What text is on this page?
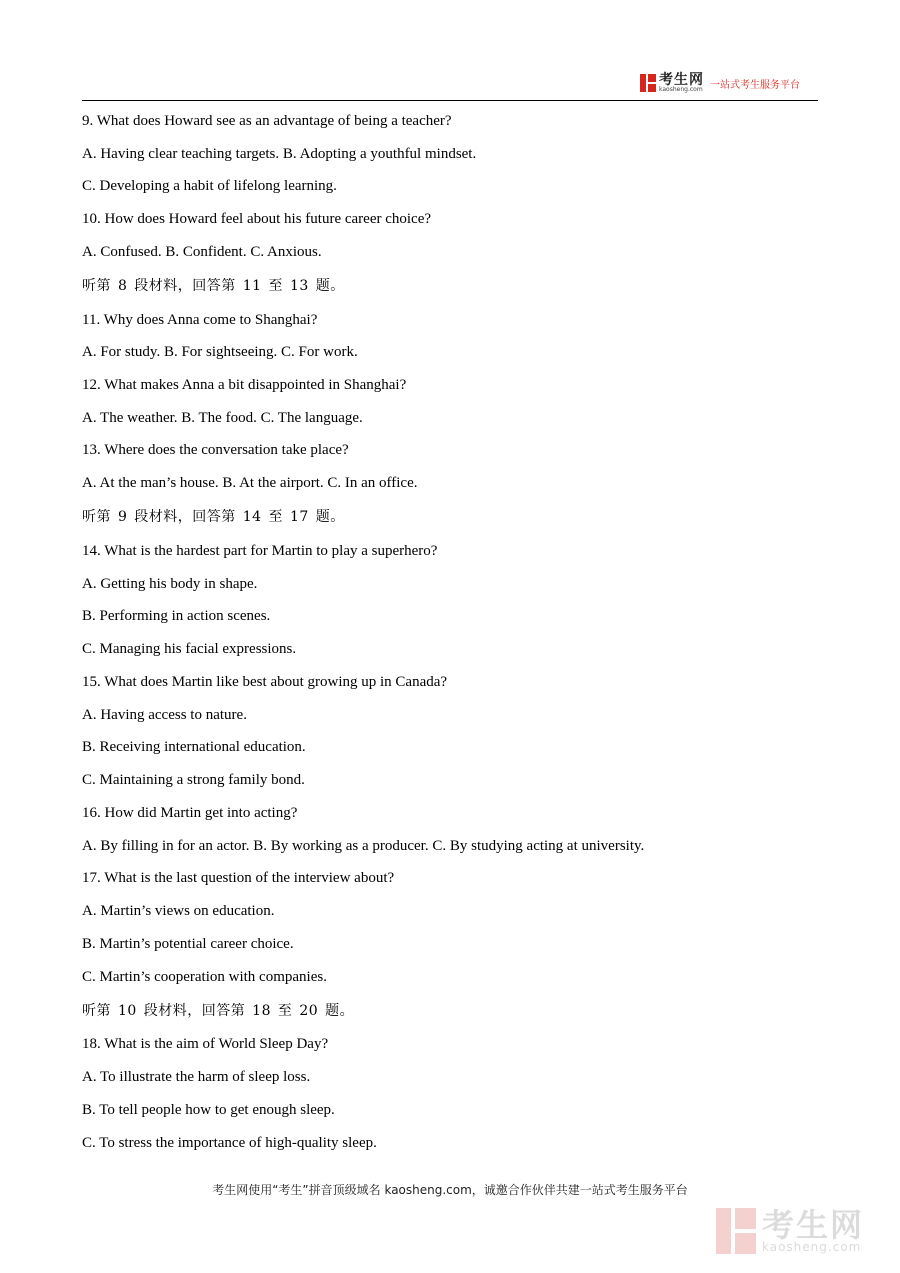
考生网
kaosheng.com 一站式考生服务平台
9. What does Howard see as an advantage of being a teacher?
A. Having clear teaching targets. B. Adopting a youthful mindset.
C. Developing a habit of lifelong learning.
10. How does Howard feel about his future career choice?
A. Confused. B. Confident. C. Anxious.
听第 8 段材料，回答第 11 至 13 题。
11. Why does Anna come to Shanghai?
A. For study. B. For sightseeing. C. For work.
12. What makes Anna a bit disappointed in Shanghai?
A. The weather. B. The food. C. The language.
13. Where does the conversation take place?
A. At the man’s house. B. At the airport. C. In an office.
听第 9 段材料，回答第 14 至 17 题。
14. What is the hardest part for Martin to play a superhero?
A. Getting his body in shape.
B. Performing in action scenes.
C. Managing his facial expressions.
15. What does Martin like best about growing up in Canada?
A. Having access to nature.
B. Receiving international education.
C. Maintaining a strong family bond.
16. How did Martin get into acting?
A. By filling in for an actor. B. By working as a producer. C. By studying acting at university.
17. What is the last question of the interview about?
A. Martin’s views on education.
B. Martin’s potential career choice.
C. Martin’s cooperation with companies.
听第 10 段材料，回答第 18 至 20 题。
18. What is the aim of World Sleep Day?
A. To illustrate the harm of sleep loss.
B. To tell people how to get enough sleep.
C. To stress the importance of high-quality sleep.
考生网使用“考生”拼音顶级域名 kaosheng.com，诚邀合作伙伴共建一站式考生服务平台
考生网
kaosheng.com
